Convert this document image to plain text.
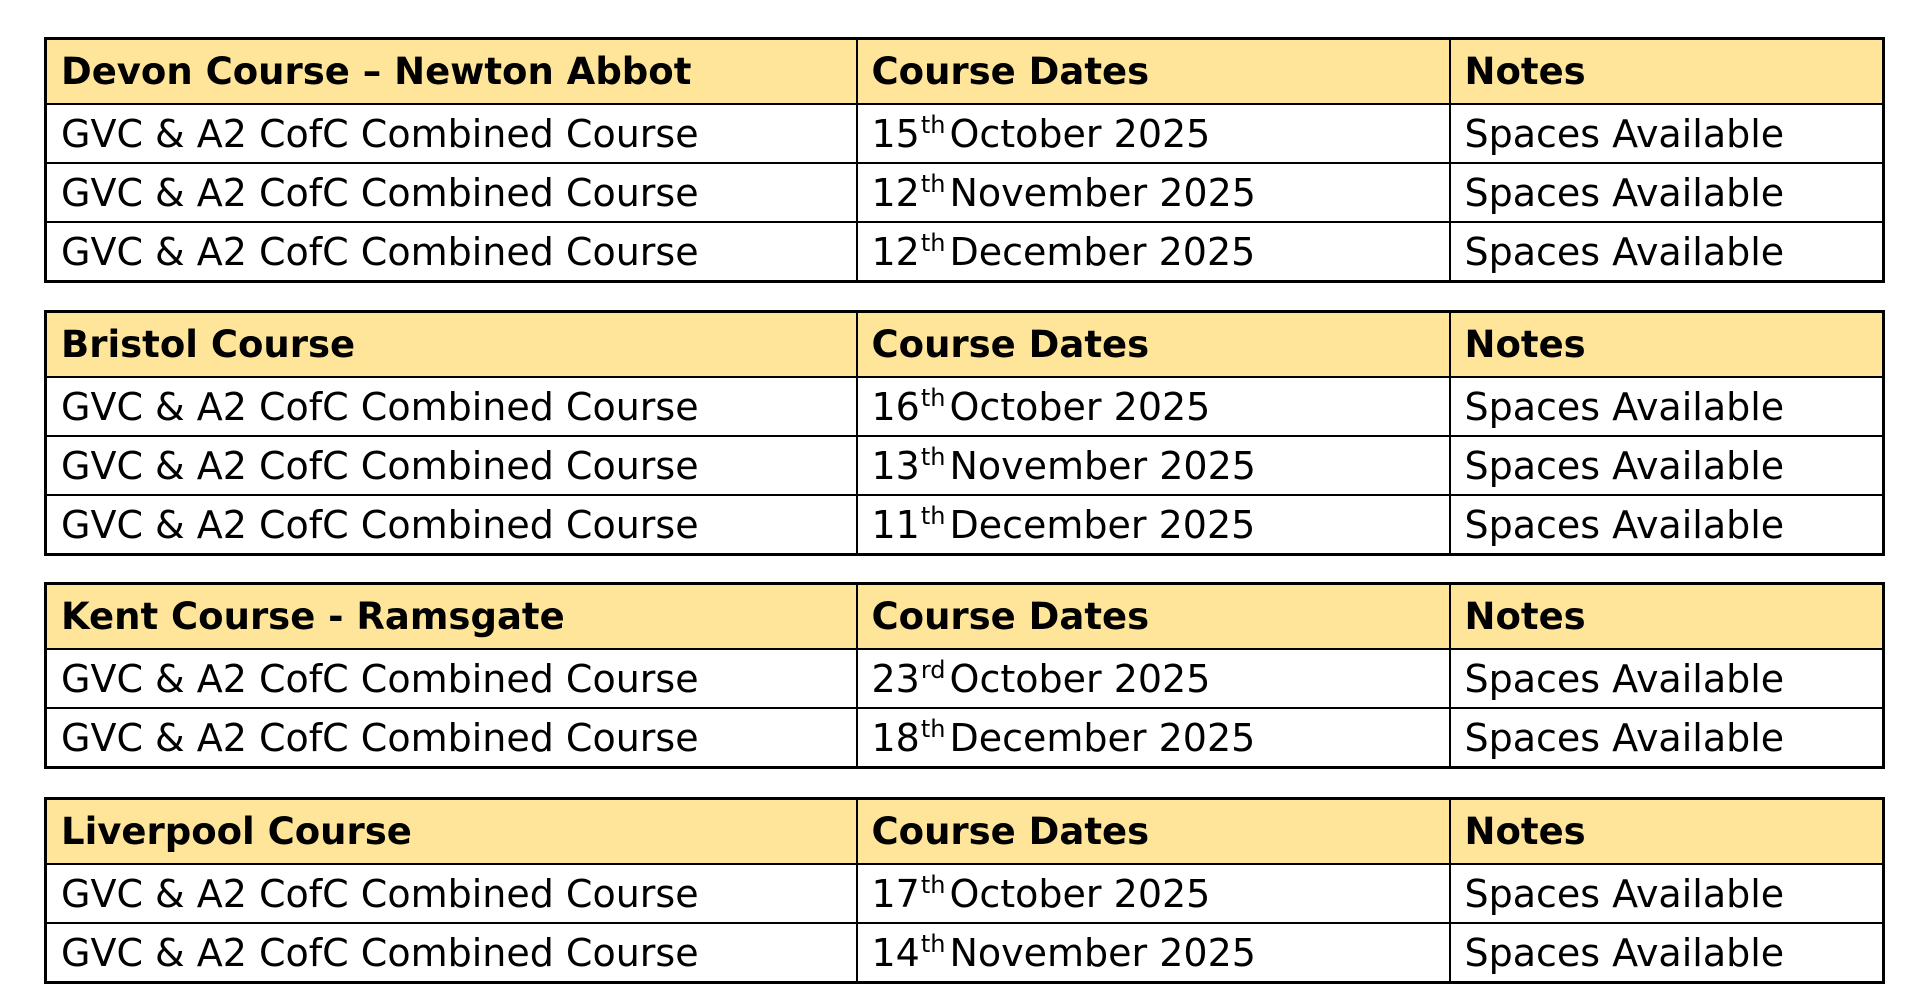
Devon Course – Newton Abbot	Course Dates	Notes
GVC & A2 CofC Combined Course	15th October 2025	Spaces Available
GVC & A2 CofC Combined Course	12th November 2025	Spaces Available
GVC & A2 CofC Combined Course	12th December 2025	Spaces Available
Bristol Course	Course Dates	Notes
GVC & A2 CofC Combined Course	16th October 2025	Spaces Available
GVC & A2 CofC Combined Course	13th November 2025	Spaces Available
GVC & A2 CofC Combined Course	11th December 2025	Spaces Available
Kent Course - Ramsgate	Course Dates	Notes
GVC & A2 CofC Combined Course	23rd October 2025	Spaces Available
GVC & A2 CofC Combined Course	18th December 2025	Spaces Available
Liverpool Course	Course Dates	Notes
GVC & A2 CofC Combined Course	17th October 2025	Spaces Available
GVC & A2 CofC Combined Course	14th November 2025	Spaces Available
